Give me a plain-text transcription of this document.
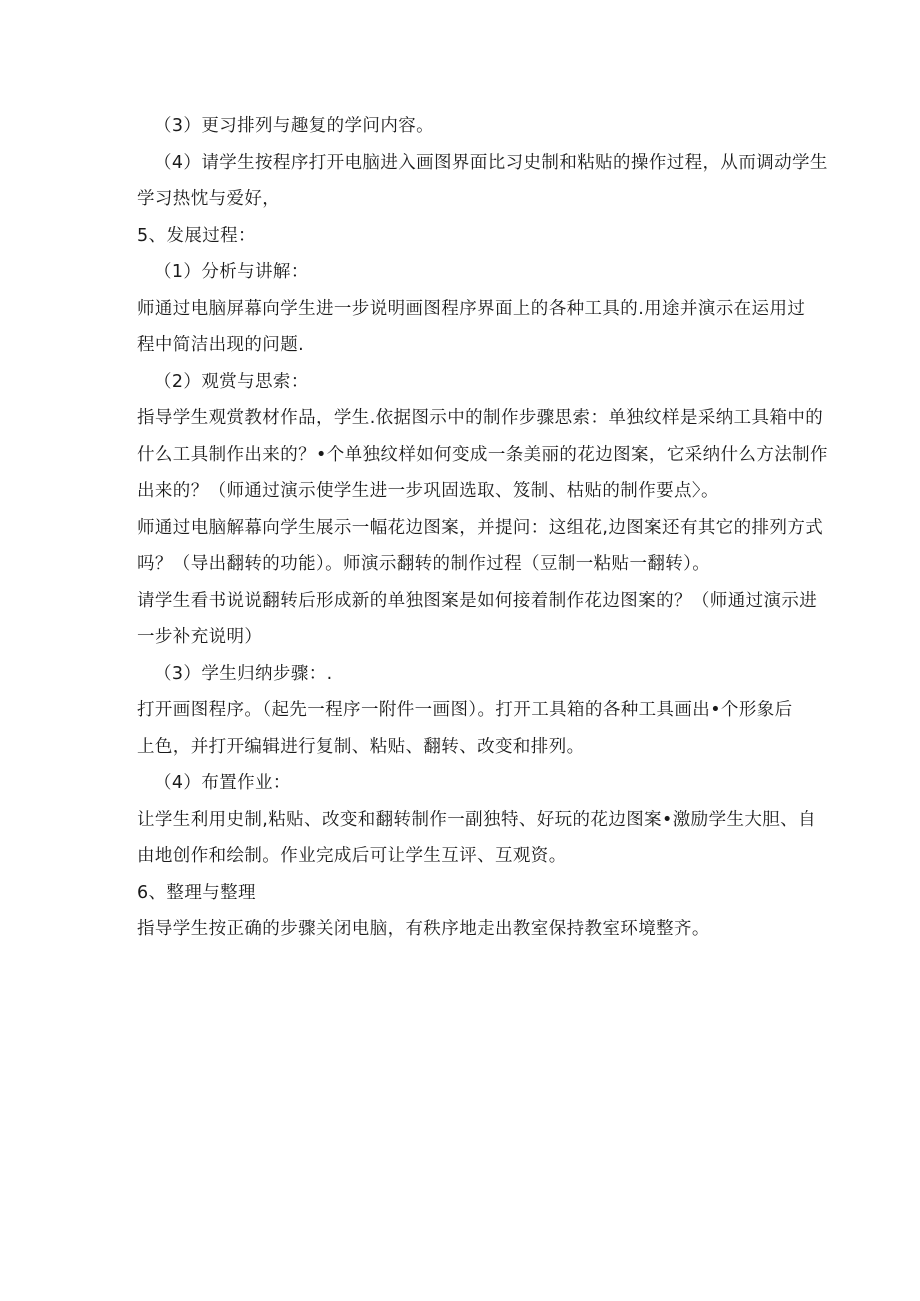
（3）更习排列与趣复的学问内容。
（4）请学生按程序打开电脑进入画图界面比习史制和粘贴的操作过程，从而调动学生
学习热忱与爱好，
5、发展过程：
（1）分析与讲解：
师通过电脑屏幕向学生进一步说明画图程序界面上的各种工具的.用途并演示在运用过
程中简洁出现的问题.
（2）观赏与思索：
指导学生观赏教材作品，学生.依据图示中的制作步骤思索：单独纹样是采纳工具箱中的
什么工具制作出来的？•个单独纹样如何变成一条美丽的花边图案，它采纳什么方法制作
出来的？（师通过演示使学生进一步巩固选取、笈制、枯贴的制作要点〉。
师通过电脑解幕向学生展示一幅花边图案，并提问：这组花,边图案还有其它的排列方式
吗？（导出翻转的功能）。师演示翻转的制作过程（豆制一粘贴一翻转）。
请学生看书说说翻转后形成新的单独图案是如何接着制作花边图案的？（师通过演示进
一步补充说明）
（3）学生归纳步骤：.
打开画图程序。（起先一程序一附件一画图）。打开工具箱的各种工具画出•个形象后
上色，并打开编辑进行复制、粘贴、翻转、改变和排列。
（4）布置作业：
让学生利用史制,粘贴、改变和翻转制作一副独特、好玩的花边图案•激励学生大胆、自
由地创作和绘制。作业完成后可让学生互评、互观资。
6、整理与整理
指导学生按正确的步骤关闭电脑，有秩序地走出教室保持教室环境整齐。
